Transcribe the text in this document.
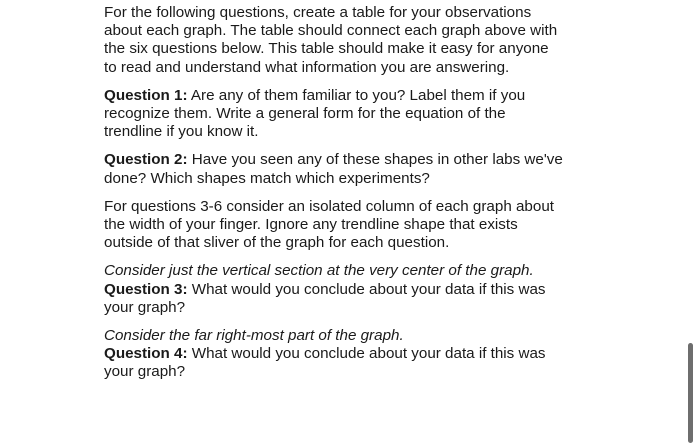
For the following questions, create a table for your observations about each graph. The table should connect each graph above with the six questions below. This table should make it easy for anyone to read and understand what information you are answering.

Question 1: Are any of them familiar to you? Label them if you recognize them. Write a general form for the equation of the trendline if you know it.

Question 2: Have you seen any of these shapes in other labs we've done? Which shapes match which experiments?

For questions 3-6 consider an isolated column of each graph about the width of your finger. Ignore any trendline shape that exists outside of that sliver of the graph for each question.

Consider just the vertical section at the very center of the graph.

Question 3: What would you conclude about your data if this was your graph?

Consider the far right-most part of the graph.

Question 4: What would you conclude about your data if this was your graph?
